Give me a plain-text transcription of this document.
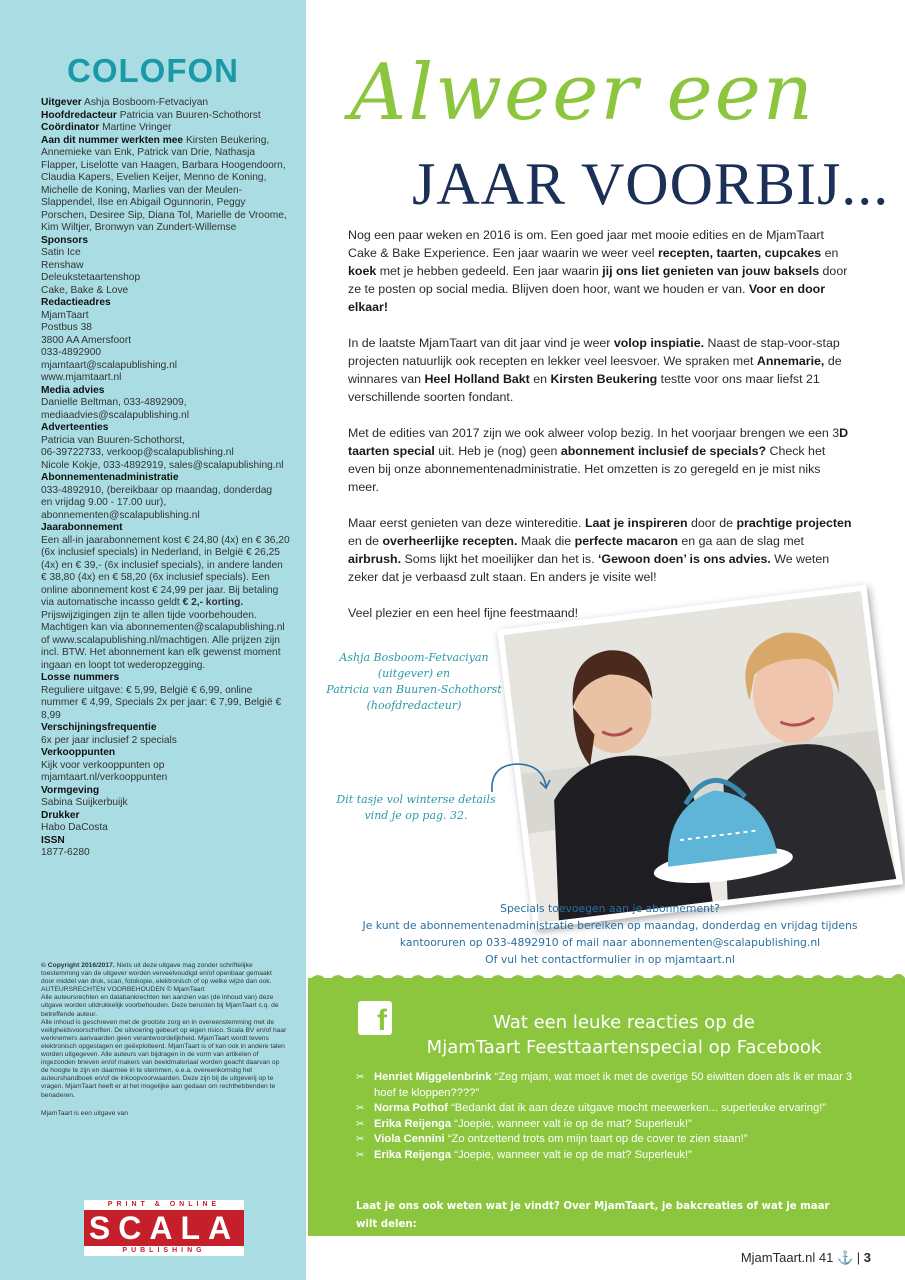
COLOFON

Uitgever Ashja Bosboom-Fetvaciyan

Hoofdredacteur Patricia van Buuren-Schothorst

Coördinator Martine Vringer

Aan dit nummer werkten mee Kirsten Beukering, Annemieke van Enk, Patrick van Drie, Nathasja Flapper, Liselotte van Haagen, Barbara Hoogendoorn, Claudia Kapers, Evelien Keijer, Menno de Koning, Michelle de Koning, Marlies van der Meulen-Slappendel, Ilse en Abigail Ogunnorin, Peggy Porschen, Desiree Sip, Diana Tol, Marielle de Vroome, Kim Wiltjer, Bronwyn van Zundert-Willemse

Sponsors

Satin Ice

Renshaw

Deleukstetaartenshop

Cake, Bake & Love

Redactieadres

MjamTaart

Postbus 38

3800 AA Amersfoort

033-4892900

mjamtaart@scalapublishing.nl

www.mjamtaart.nl

Media advies

Danielle Beltman, 033-4892909,

mediaadvies@scalapublishing.nl

Adverteenties

Patricia van Buuren-Schothorst,

06-39722733, verkoop@scalapublishing.nl

Nicole Kokje, 033-4892919, sales@scalapublishing.nl

Abonnementenadministratie

033-4892910, (bereikbaar op maandag, donderdag

en vrijdag 9.00 - 17.00 uur),

abonnementen@scalapublishing.nl

Jaarabonnement

Een all-in jaarabonnement kost € 24,80 (4x) en € 36,20 (6x inclusief specials) in Nederland, in België € 26,25 (4x) en € 39,- (6x inclusief specials), in andere landen € 38,80 (4x) en € 58,20 (6x inclusief specials). Een online abonnement kost € 24,99 per jaar. Bij betaling via automatische incasso geldt € 2,- korting. Prijswijzigingen zijn te allen tijde voorbehouden. Machtigen kan via abonnementen@scalapublishing.nl of www.scalapublishing.nl/machtigen. Alle prijzen zijn incl. BTW. Het abonnement kan elk gewenst moment ingaan en loopt tot wederopzegging.

Losse nummers

Reguliere uitgave: € 5,99, België € 6,99, online nummer € 4,99, Specials 2x per jaar: € 7,99, België € 8,99

Verschijningsfrequentie

6x per jaar inclusief 2 specials

Verkooppunten

Kijk voor verkooppunten op mjamtaart.nl/verkooppunten

Vormgeving

Sabina Suijkerbuijk

Drukker

Habo DaCosta

ISSN

1877-6280

© Copyright 2016/2017. Niets uit deze uitgave mag zonder schriftelijke toestemming van de uitgever worden verveelvoudigd en/of openbaar gemaakt door middel van druk, scan, fotokopie, elektronisch of op welke wijze dan ook.

AUTEURSRECHTEN VOORBEHOUDEN © MjamTaart

Alle auteursrechten en databankrechten ten aanzien van (de inhoud van) deze uitgave worden uitdrukkelijk voorbehouden. Deze berusten bij MjamTaart c.q. de betreffende auteur.

Alle inhoud is geschreven met de grootste zorg en in overeenstemming met de veiligheidsvoorschriften. De uitvoering gebeurt op eigen risico. Scala BV en/of haar werknemers aanvaarden geen verantwoordelijkheid. MjamTaart wordt tevens elektronisch opgeslagen en geëxploiteerd. MjamTaart is of kan ook in andere talen worden uitgegeven. Alle auteurs van bijdragen in de vorm van artikelen of ingezonden brieven en/of makers van beeldmateriaal worden geacht daarvan op de hoogte te zijn en daarmee in te stemmen, e.e.a. overeenkomstig het auteurshandboek en/of de inkoopvoorwaarden. Deze zijn bij de uitgeverij op te vragen. MjamTaart heeft er al het mogelijke aan gedaan om rechthebbenden te benaderen.

MjamTaart is een uitgave van

PRINT & ONLINE
SCALA
PUBLISHING
Alweer een
JAAR VOORBIJ...

Nog een paar weken en 2016 is om. Een goed jaar met mooie edities en de MjamTaart Cake & Bake Experience. Een jaar waarin we weer veel recepten, taarten, cupcakes en koek met je hebben gedeeld. Een jaar waarin jij ons liet genieten van jouw baksels door ze te posten op social media. Blijven doen hoor, want we houden er van. Voor en door elkaar!

In de laatste MjamTaart van dit jaar vind je weer volop inspiatie. Naast de stap-voor-stap projecten natuurlijk ook recepten en lekker veel leesvoer. We spraken met Annemarie, de winnares van Heel Holland Bakt en Kirsten Beukering testte voor ons maar liefst 21 verschillende soorten fondant.

Met de edities van 2017 zijn we ook alweer volop bezig. In het voorjaar brengen we een 3D taarten special uit. Heb je (nog) geen abonnement inclusief de specials? Check het even bij onze abonnementenadministratie. Het omzetten is zo geregeld en je mist niks meer.

Maar eerst genieten van deze wintereditie. Laat je inspireren door de prachtige projecten en de overheerlijke recepten. Maak die perfecte macaron en ga aan de slag met airbrush. Soms lijkt het moeilijker dan het is. ‘Gewoon doen’ is ons advies. We weten zeker dat je verbaasd zult staan. En anders je visite wel!

Veel plezier en een heel fijne feestmaand!

Ashja Bosboom-Fetvaciyan
(uitgever) en
Patricia van Buuren-Schothorst
(hoofdredacteur)
Dit tasje vol winterse details
vind je op pag. 32.
Specials toevoegen aan je abonnement?
Je kunt de abonnementenadministratie bereiken op maandag, donderdag en vrijdag tijdens
kantooruren op 033-4892910 of mail naar abonnementen@scalapublishing.nl
Of vul het contactformulier in op mjamtaart.nl
f	Wat een leuke reacties op de
MjamTaart Feesttaartenspecial op Facebook
✂ Henriet Miggelenbrink “Zeg mjam, wat moet ik met de overige 50 eiwitten doen als ik er maar 3 hoef te kloppen????”
✂ Norma Pothof “Bedankt dat ik aan deze uitgave mocht meewerken... superleuke ervaring!”
✂ Erika Reijenga “Joepie, wanneer valt ie op de mat? Superleuk!”
✂ Viola Cennini “Zo ontzettend trots om mijn taart op de cover te zien staan!”
✂ Erika Reijenga “Joepie, wanneer valt ie op de mat? Superleuk!”
Laat je ons ook weten wat je vindt? Over MjamTaart, je bakcreaties of wat je maar wilt delen:
we horen het heel graag op facebook.com/MjamTaart
MjamTaart.nl 41 ⚓ | 3
